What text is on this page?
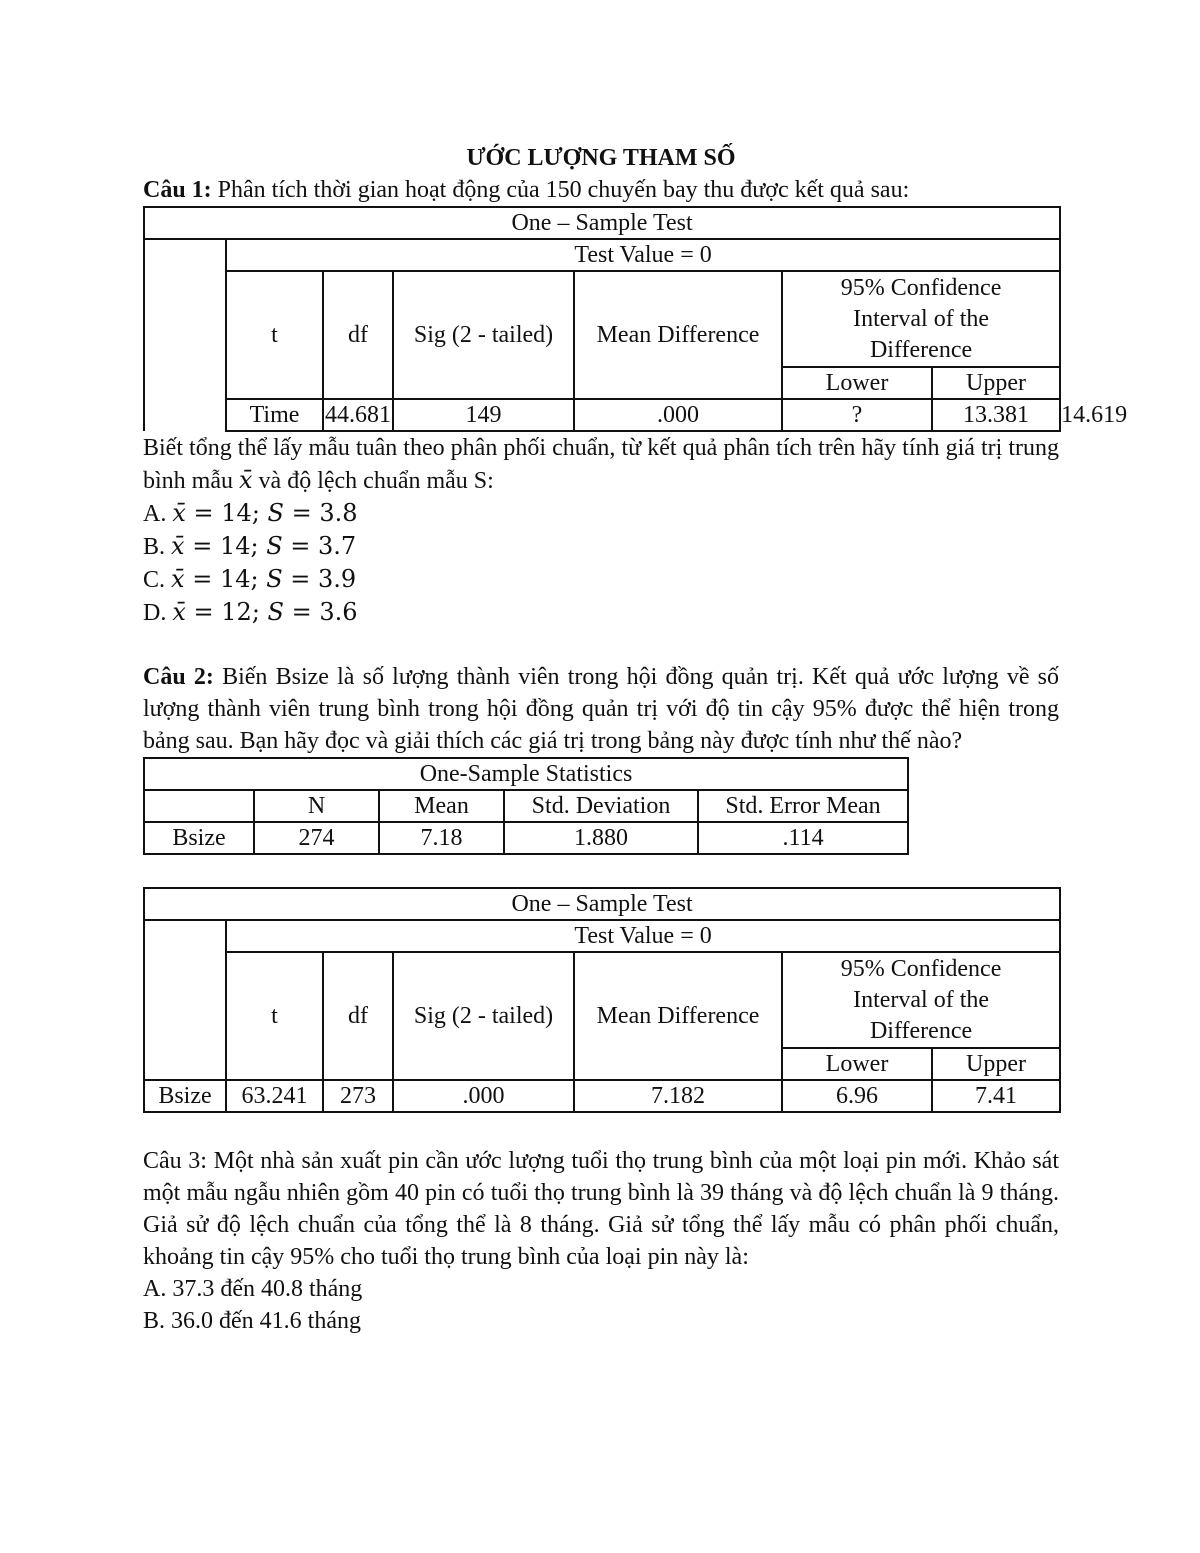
ƯỚC LƯỢNG THAM SỐ

Câu 1: Phân tích thời gian hoạt động của 150 chuyến bay thu được kết quả sau:

One – Sample Test							
	Test Value = 0						
	t	df	Sig (2 - tailed)	Mean Difference	95% Confidence
Interval of the
Difference		

					Lower	Upper	
	Time	44.681	149	.000	?	13.381	14.619

Biết tổng thể lấy mẫu tuân theo phân phối chuẩn, từ kết quả phân tích trên hãy tính giá trị trung bình mẫu x̄ và độ lệch chuẩn mẫu S:

A. x̄ = 14; S = 3.8
B. x̄ = 14; S = 3.7
C. x̄ = 14; S = 3.9
D. x̄ = 12; S = 3.6

Câu 2: Biến Bsize là số lượng thành viên trong hội đồng quản trị. Kết quả ước lượng về số lượng thành viên trung bình trong hội đồng quản trị với độ tin cậy 95% được thể hiện trong bảng sau. Bạn hãy đọc và giải thích các giá trị trong bảng này được tính như thế nào?

One-Sample Statistics				
	N	Mean	Std. Deviation	Std. Error Mean
Bsize	274	7.18	1.880	.114
One – Sample Test						
	Test Value = 0					
	t	df	Sig (2 - tailed)	Mean Difference	95% Confidence
Interval of the
Difference	

					Lower	Upper
Bsize	63.241	273	.000	7.182	6.96	7.41

Câu 3: Một nhà sản xuất pin cần ước lượng tuổi thọ trung bình của một loại pin mới. Khảo sát một mẫu ngẫu nhiên gồm 40 pin có tuổi thọ trung bình là 39 tháng và độ lệch chuẩn là 9 tháng. Giả sử độ lệch chuẩn của tổng thể là 8 tháng. Giả sử tổng thể lấy mẫu có phân phối chuẩn, khoảng tin cậy 95% cho tuổi thọ trung bình của loại pin này là:

A. 37.3 đến 40.8 tháng
B. 36.0 đến 41.6 tháng
